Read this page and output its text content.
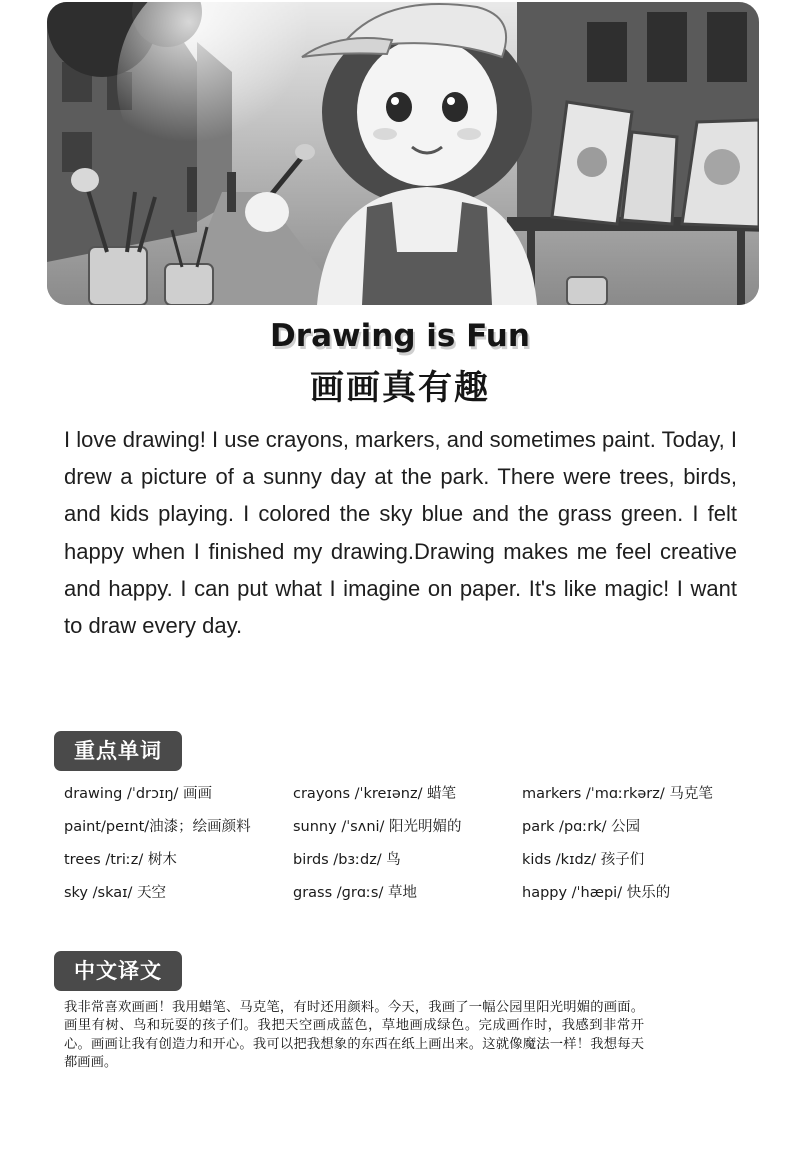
Drawing is Fun
画画真有趣

I love drawing! I use crayons, markers, and sometimes paint. Today, I drew a picture of a sunny day at the park. There were trees, birds, and kids playing. I colored the sky blue and the grass green. I felt happy when I finished my drawing.Drawing makes me feel creative and happy. I can put what I imagine on paper. It's like magic! I want to draw every day.

重点单词
drawing /ˈdrɔɪŋ/ 画画	crayons /ˈkreɪənz/ 蜡笔	markers /ˈmɑːrkərz/ 马克笔
paint/peɪnt/油漆；绘画颜料	sunny /ˈsʌni/ 阳光明媚的	park /pɑːrk/ 公园
trees /triːz/ 树木	birds /bɜːdz/ 鸟	kids /kɪdz/ 孩子们
sky /skaɪ/ 天空	grass /ɡrɑːs/ 草地	happy /ˈhæpi/ 快乐的
中文译文

我非常喜欢画画！我用蜡笔、马克笔，有时还用颜料。今天，我画了一幅公园里阳光明媚的画面。画里有树、鸟和玩耍的孩子们。我把天空画成蓝色，草地画成绿色。完成画作时，我感到非常开心。画画让我有创造力和开心。我可以把我想象的东西在纸上画出来。这就像魔法一样！我想每天都画画。
